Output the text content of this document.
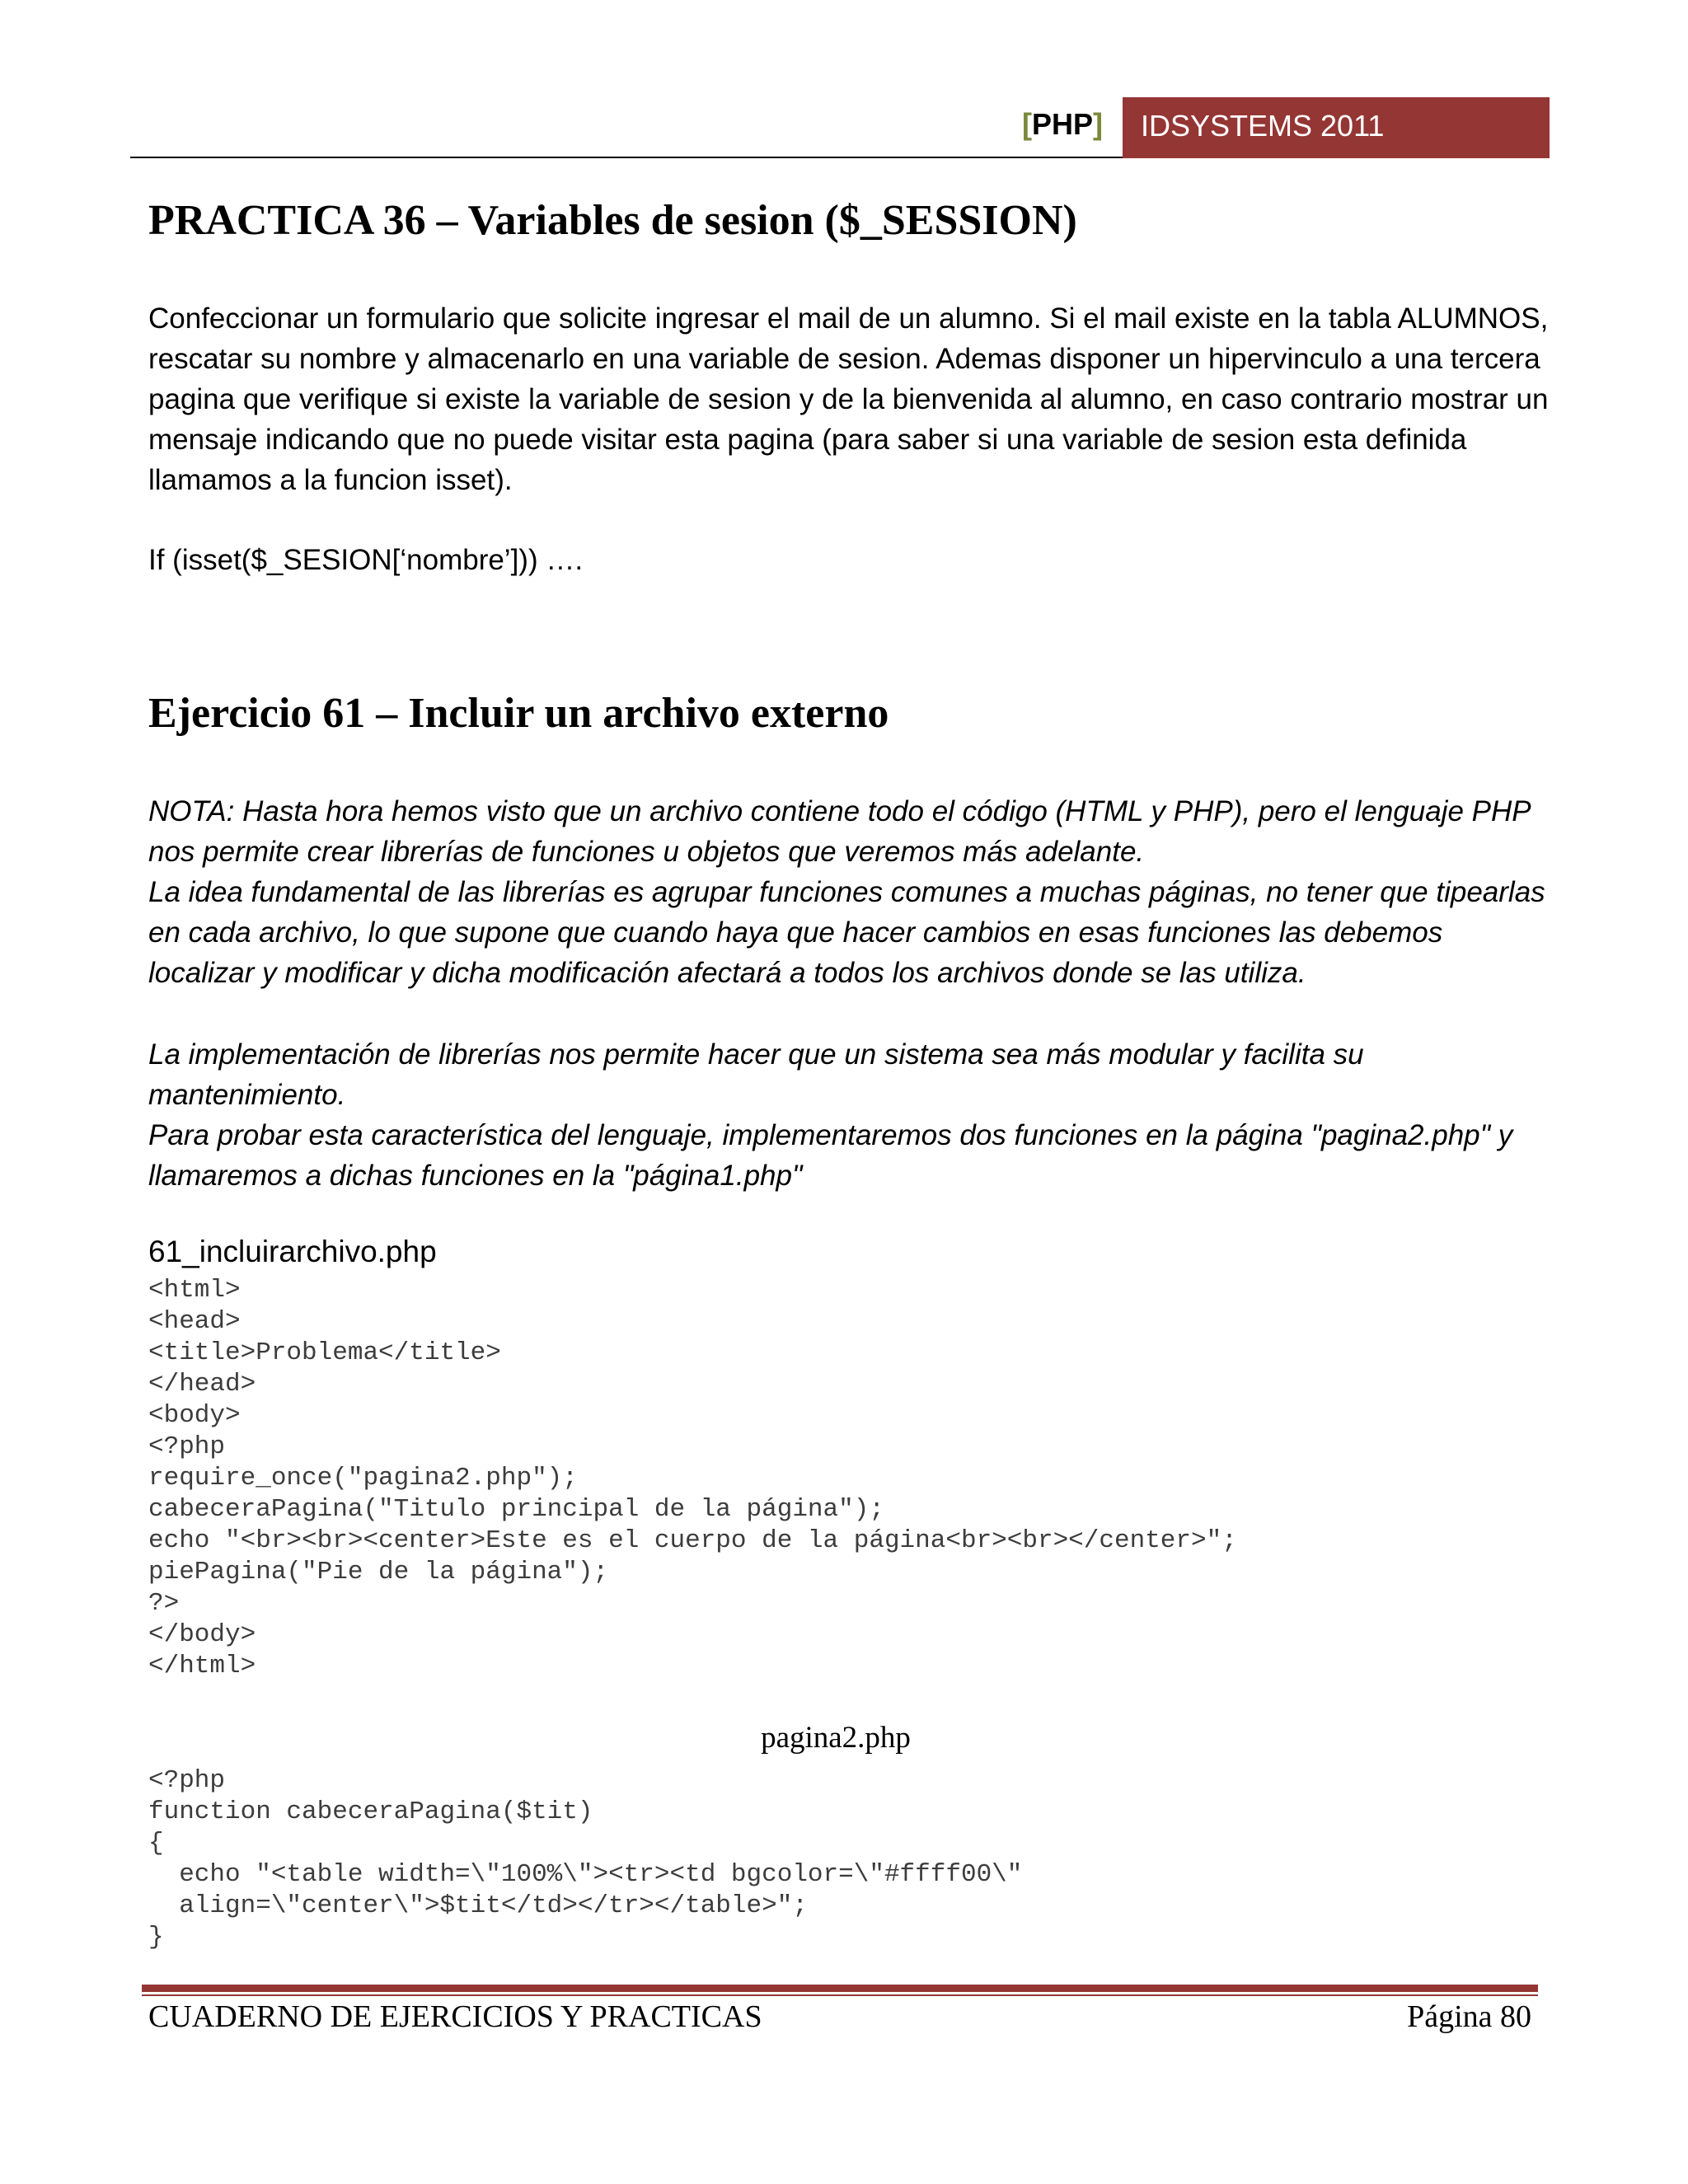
[PHP] IDSYSTEMS 2011
PRACTICA 36 – Variables de sesion ($_SESSION)

Confeccionar un formulario que solicite ingresar el mail de un alumno. Si el mail existe en la tabla ALUMNOS, rescatar su nombre y almacenarlo en una variable de sesion. Ademas disponer un hipervinculo a una tercera pagina que verifique si existe la variable de sesion y de la bienvenida al alumno, en caso contrario mostrar un mensaje indicando que no puede visitar esta pagina (para saber si una variable de sesion esta definida llamamos a la funcion isset).

If (isset($_SESION[‘nombre’])) ….

Ejercicio 61 – Incluir un archivo externo

NOTA: Hasta hora hemos visto que un archivo contiene todo el código (HTML y PHP), pero el lenguaje PHP nos permite crear librerías de funciones u objetos que veremos más adelante.

La idea fundamental de las librerías es agrupar funciones comunes a muchas páginas, no tener que tipearlas en cada archivo, lo que supone que cuando haya que hacer cambios en esas funciones las debemos localizar y modificar y dicha modificación afectará a todos los archivos donde se las utiliza.

La implementación de librerías nos permite hacer que un sistema sea más modular y facilita su mantenimiento.

Para probar esta característica del lenguaje, implementaremos dos funciones en la página "pagina2.php" y llamaremos a dichas funciones en la "página1.php"

61_incluirarchivo.php
<html>
<head>
<title>Problema</title>
</head>
<body>
<?php
require_once("pagina2.php");
cabeceraPagina("Titulo principal de la página");
echo "<br><br><center>Este es el cuerpo de la página<br><br></center>";
piePagina("Pie de la página");
?>
</body>
</html>
pagina2.php
<?php
function cabeceraPagina($tit)
{
echo "<table width=\"100%\"><tr><td bgcolor=\"#ffff00\"
align=\"center\">$tit</td></tr></table>";
}
CUADERNO DE EJERCICIOS Y PRACTICAS	Página 80
